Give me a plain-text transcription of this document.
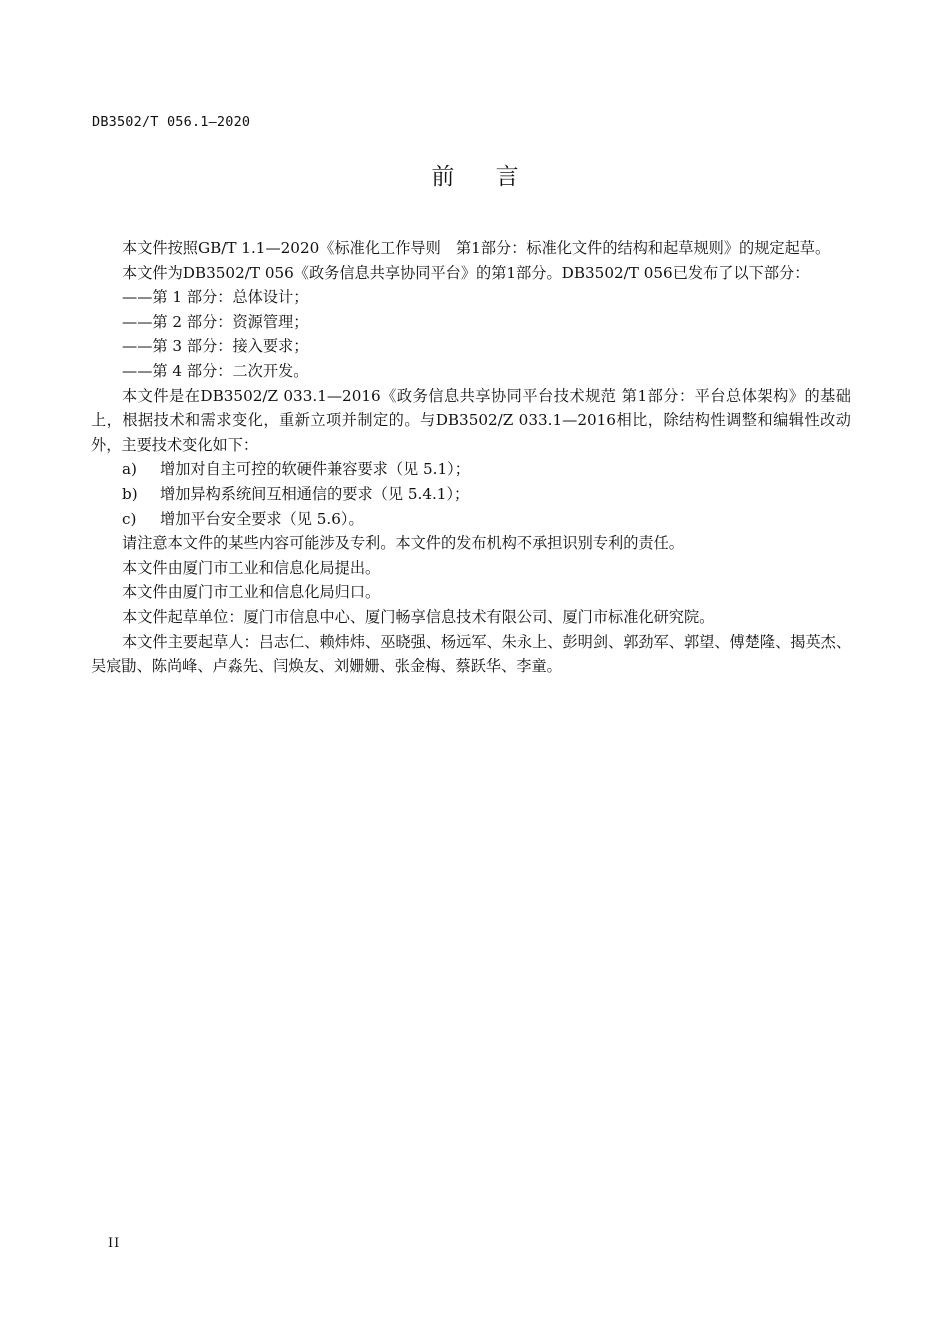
DB3502/T 056.1—2020
前 言

本文件按照GB/T 1.1—2020《标准化工作导则　第1部分：标准化文件的结构和起草规则》的规定起草。

本文件为DB3502/T 056《政务信息共享协同平台》的第1部分。DB3502/T 056已发布了以下部分：

——第 1 部分：总体设计；

——第 2 部分：资源管理；

——第 3 部分：接入要求；

——第 4 部分：二次开发。

本文件是在DB3502/Z 033.1—2016《政务信息共享协同平台技术规范 第1部分：平台总体架构》的基础上，根据技术和需求变化，重新立项并制定的。与DB3502/Z 033.1—2016相比，除结构性调整和编辑性改动外，主要技术变化如下：

a) 增加对自主可控的软硬件兼容要求（见 5.1）；

b) 增加异构系统间互相通信的要求（见 5.4.1）；

c) 增加平台安全要求（见 5.6）。

请注意本文件的某些内容可能涉及专利。本文件的发布机构不承担识别专利的责任。

本文件由厦门市工业和信息化局提出。

本文件由厦门市工业和信息化局归口。

本文件起草单位：厦门市信息中心、厦门畅享信息技术有限公司、厦门市标准化研究院。

本文件主要起草人：吕志仁、赖炜炜、巫晓强、杨远军、朱永上、彭明剑、郭劲军、郭望、傅楚隆、揭英杰、吴宸勖、陈尚峰、卢淼先、闫焕友、刘姗姗、张金梅、蔡跃华、李童。

II
